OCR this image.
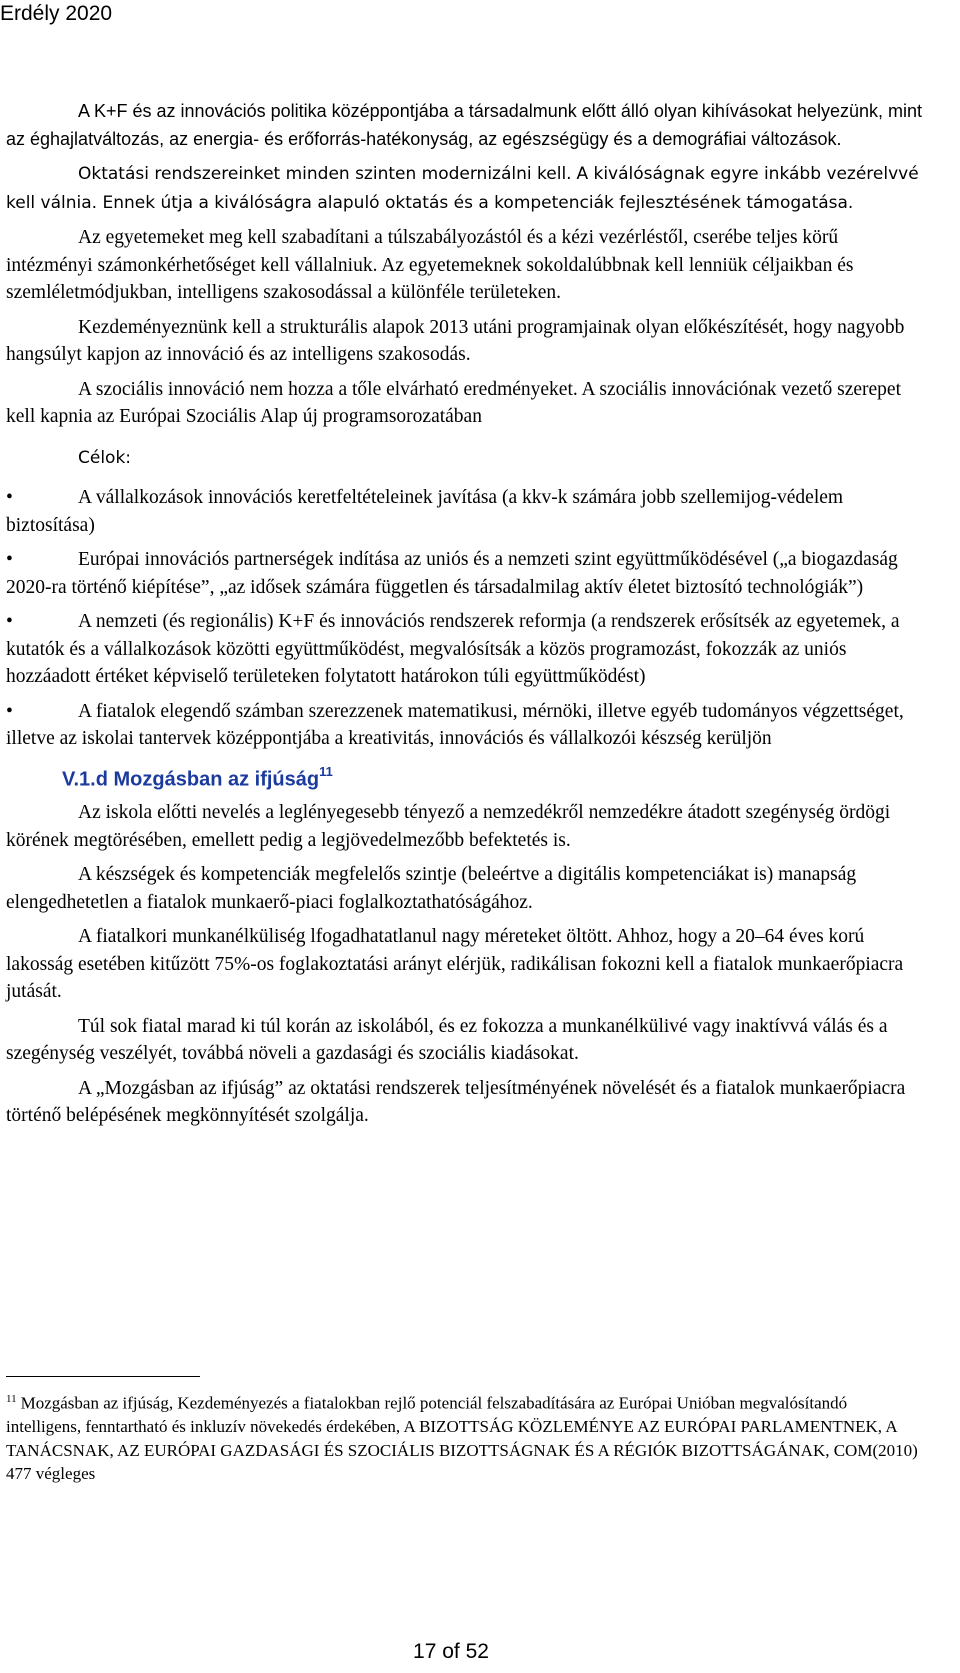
Erdély 2020

A K+F és az innovációs politika középpontjába a társadalmunk előtt álló olyan kihívásokat helyezünk, mint az éghajlatváltozás, az energia- és erőforrás-hatékonyság, az egészségügy és a demográfiai változások.

Oktatási rendszereinket minden szinten modernizálni kell. A kiválóságnak egyre inkább vezérelvvé kell válnia. Ennek útja a kiválóságra alapuló oktatás és a kompetenciák fejlesztésének támogatása.

Az egyetemeket meg kell szabadítani a túlszabályozástól és a kézi vezérléstől, cserébe teljes körű intézményi számonkérhetőséget kell vállalniuk. Az egyetemeknek sokoldalúbbnak kell lenniük céljaikban és szemléletmódjukban, intelligens szakosodással a különféle területeken.

Kezdeményeznünk kell a strukturális alapok 2013 utáni programjainak olyan előkészítését, hogy nagyobb hangsúlyt kapjon az innováció és az intelligens szakosodás.

A szociális innováció nem hozza a tőle elvárható eredményeket. A szociális innovációnak vezető szerepet kell kapnia az Európai Szociális Alap új programsorozatában

Célok:

•	A vállalkozások innovációs keretfeltételeinek javítása (a kkv-k számára jobb szellemijog-védelem biztosítása)

•	Európai innovációs partnerségek indítása az uniós és a nemzeti szint együttműködésével („a biogazdaság 2020-ra történő kiépítése”, „az idősek számára független és társadalmilag aktív életet biztosító technológiák”)

•	A nemzeti (és regionális) K+F és innovációs rendszerek reformja (a rendszerek erősítsék az egyetemek, a kutatók és a vállalkozások közötti együttműködést, megvalósítsák a közös programozást, fokozzák az uniós hozzáadott értéket képviselő területeken folytatott határokon túli együttműködést)

•	A fiatalok elegendő számban szerezzenek matematikusi, mérnöki, illetve egyéb tudományos végzettséget, illetve az iskolai tantervek középpontjába a kreativitás, innovációs és vállalkozói készség kerüljön

V.1.d Mozgásban az ifjúság$^{11}$

Az iskola előtti nevelés a leglényegesebb tényező a nemzedékről nemzedékre átadott szegénység ördögi körének megtörésében, emellett pedig a legjövedelmezőbb befektetés is.

A készségek és kompetenciák megfelelős szintje (beleértve a digitális kompetenciákat is) manapság elengedhetetlen a fiatalok munkaerő-piaci foglalkoztathatóságához.

A fiatalkori munkanélküliség lfogadhatatlanul nagy méreteket öltött. Ahhoz, hogy a 20–64 éves korú lakosság esetében kitűzött 75%-os foglakoztatási arányt elérjük, radikálisan fokozni kell a fiatalok munkaerőpiacra jutását.

Túl sok fiatal marad ki túl korán az iskolából, és ez fokozza a munkanélkülivé vagy inaktívvá válás és a szegénység veszélyét, továbbá növeli a gazdasági és szociális kiadásokat.

A „Mozgásban az ifjúság” az oktatási rendszerek teljesítményének növelését és a fiatalok munkaerőpiacra történő belépésének megkönnyítését szolgálja.

$^{11}$ Mozgásban az ifjúság, Kezdeményezés a fiatalokban rejlő potenciál felszabadítására az Európai Unióban megvalósítandó intelligens, fenntartható és inkluzív növekedés érdekében, A BIZOTTSÁG KÖZLEMÉNYE AZ EURÓPAI PARLAMENTNEK, A TANÁCSNAK, AZ EURÓPAI GAZDASÁGI ÉS SZOCIÁLIS BIZOTTSÁGNAK ÉS A RÉGIÓK BIZOTTSÁGÁNAK, COM(2010) 477 végleges
17 of 52
